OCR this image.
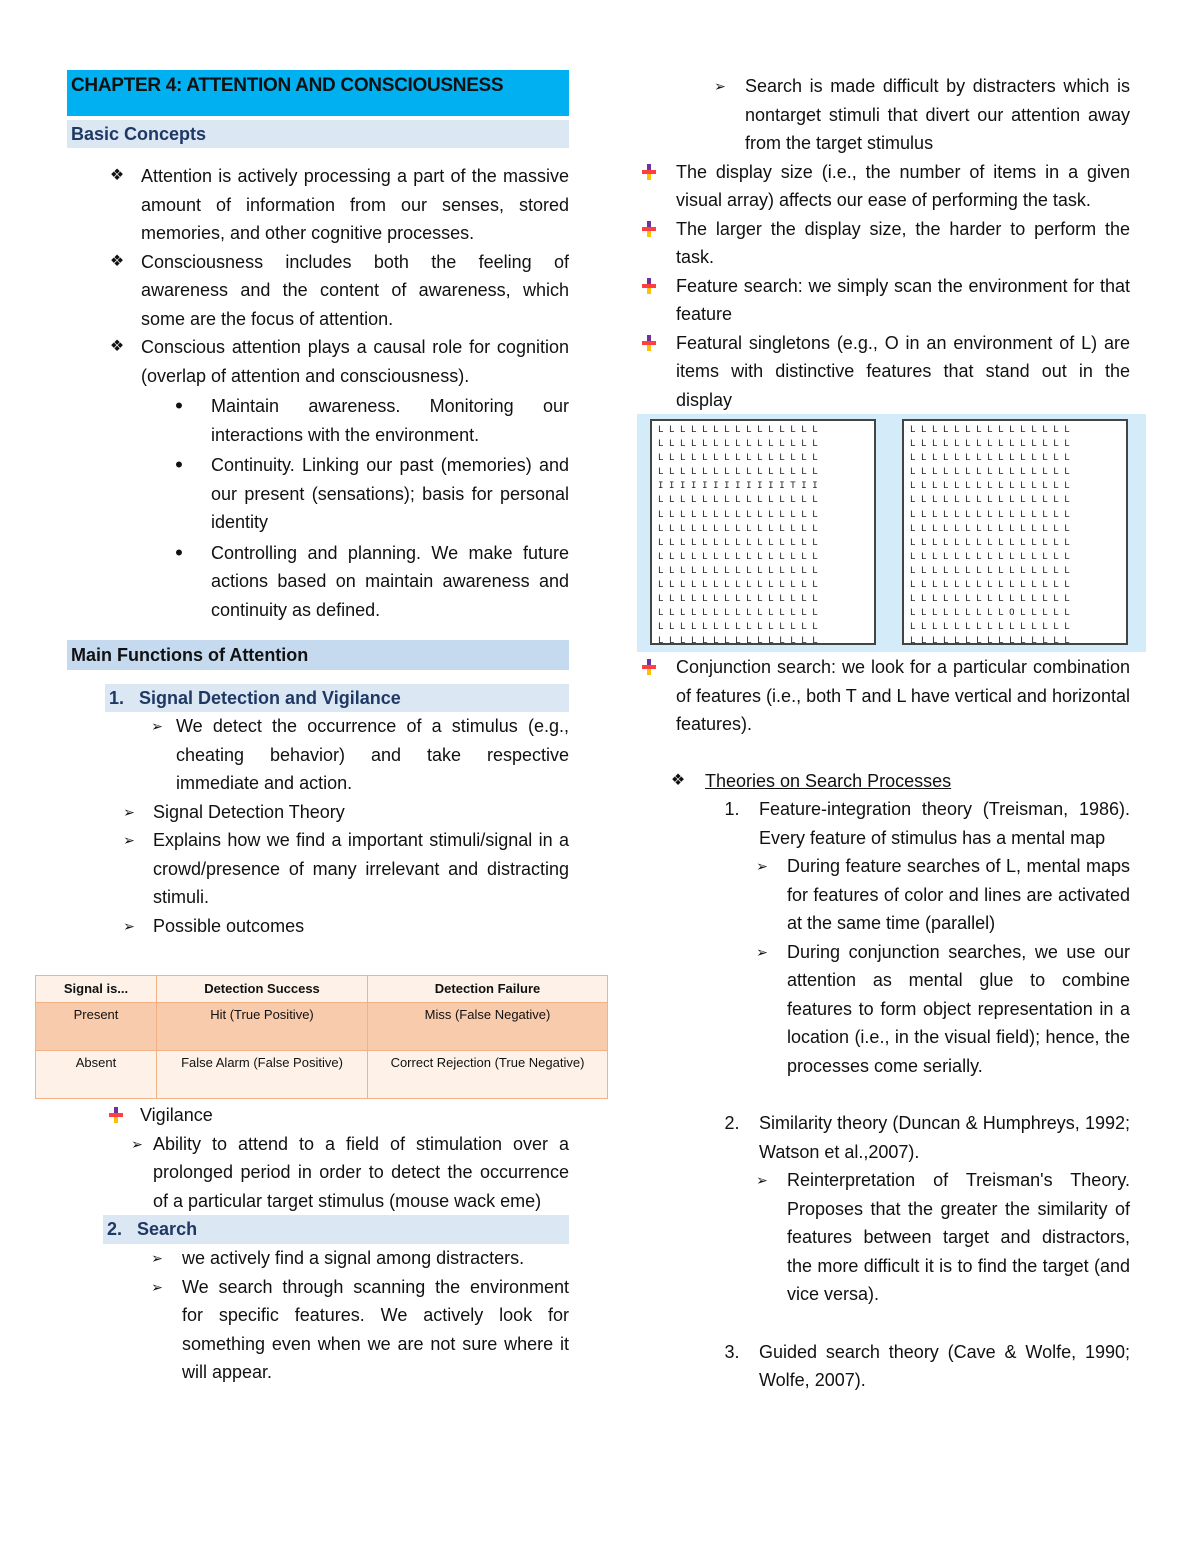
CHAPTER 4: ATTENTION AND CONSCIOUSNESS
Basic Concepts
❖ Attention is actively processing a part of the massive amount of information from our senses, stored memories, and other cognitive processes.
❖ Consciousness includes both the feeling of awareness and the content of awareness, which some are the focus of attention.
❖ Conscious attention plays a causal role for cognition (overlap of attention and consciousness).
•	Maintain awareness. Monitoring our interactions with the environment.
•	Continuity. Linking our past (memories) and our present (sensations); basis for personal identity
•	Controlling and planning. We make future actions based on maintain awareness and continuity as defined.
Main Functions of Attention
1. Signal Detection and Vigilance
➢ We detect the occurrence of a stimulus (e.g., cheating behavior) and take respective immediate and action.
➢	Signal Detection Theory
➢	Explains how we find a important stimuli/signal in a crowd/presence of many irrelevant and distracting stimuli.
➢	Possible outcomes
Signal is...	Detection Success	Detection Failure
Present	Hit (True Positive)	Miss (False Negative)
Absent	False Alarm (False Positive)	Correct Rejection (True Negative)
Vigilance
➢ Ability to attend to a field of stimulation over a prolonged period in order to detect the occurrence of a particular target stimulus (mouse wack eme)
2. Search
➢	we actively find a signal among distracters.
➢	We search through scanning the environment for specific features. We actively look for something even when we are not sure where it will appear.
➢	Search is made difficult by distracters which is nontarget stimuli that divert our attention away from the target stimulus
The display size (i.e., the number of items in a given visual array) affects our ease of performing the task.
The larger the display size, the harder to perform the task.
Feature search: we simply scan the environment for that feature
Featural singletons (e.g., O in an environment of L) are items with distinctive features that stand out in the display
LLLLLLLLLLLLLLL
LLLLLLLLLLLLLLL
LLLLLLLLLLLLLLL
LLLLLLLLLLLLLLL
IIIIIIIIIIIITII
LLLLLLLLLLLLLLL
LLLLLLLLLLLLLLL
LLLLLLLLLLLLLLL
LLLLLLLLLLLLLLL
LLLLLLLLLLLLLLL
LLLLLLLLLLLLLLL
LLLLLLLLLLLLLLL
LLLLLLLLLLLLLLL
LLLLLLLLLLLLLLL
LLLLLLLLLLLLLLL
LLLLLLLLLLLLLLL
LLLLLLLLLLLLLLL
LLLLLLLLLLLLLLL
LLLLLLLLLLLLLLL
LLLLLLLLLLLLLLL
LLLLLLLLLLLLLLL
LLLLLLLLLLLLLLL
LLLLLLLLLLLLLLL
LLLLLLLLLLLLLLL
LLLLLLLLLLLLLLL
LLLLLLLLLLLLLLL
LLLLLLLLLLLLLLL
LLLLLLLLLLLLLLL
LLLLLLLLLLLLLLL
LLLLLLLLLOLLLLL
LLLLLLLLLLLLLLL
LLLLLLLLLLLLLLL
Conjunction search: we look for a particular combination of features (i.e., both T and L have vertical and horizontal features).
❖ Theories on Search Processes
1. Feature-integration theory (Treisman, 1986). Every feature of stimulus has a mental map
➢	During feature searches of L, mental maps for features of color and lines are activated at the same time (parallel)
➢	During conjunction searches, we use our attention as mental glue to combine features to form object representation in a location (i.e., in the visual field); hence, the processes come serially.
2. Similarity theory (Duncan & Humphreys, 1992; Watson et al.,2007).
➢	Reinterpretation of Treisman's Theory. Proposes that the greater the similarity of features between target and distractors, the more difficult it is to find the target (and vice versa).
3. Guided search theory (Cave & Wolfe, 1990; Wolfe, 2007).
